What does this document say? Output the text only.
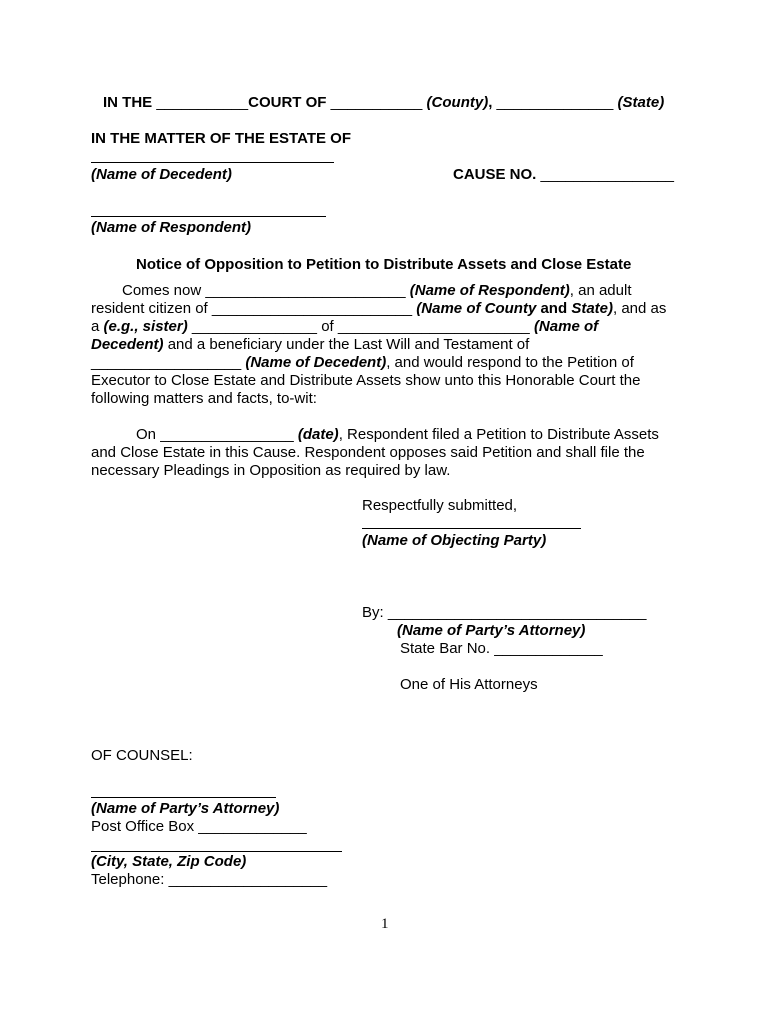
IN THE ___________COURT OF ___________ (County), ______________ (State)
IN THE MATTER OF THE ESTATE OF
(Name of Decedent)	CAUSE NO. ________________
(Name of Respondent)
Notice of Opposition to Petition to Distribute Assets and Close Estate
Comes now ________________________ (Name of Respondent), an adult
resident citizen of ________________________ (Name of County and State), and as
a (e.g., sister) _______________ of _______________________ (Name of
Decedent) and a beneficiary under the Last Will and Testament of
__________________ (Name of Decedent), and would respond to the Petition of
Executor to Close Estate and Distribute Assets show unto this Honorable Court the
following matters and facts, to-wit:
On ________________ (date), Respondent filed a Petition to Distribute Assets
and Close Estate in this Cause. Respondent opposes said Petition and shall file the
necessary Pleadings in Opposition as required by law.
Respectfully submitted,
(Name of Objecting Party)
By: _______________________________
(Name of Party’s Attorney)
State Bar No. _____________
One of His Attorneys
OF COUNSEL:
(Name of Party’s Attorney)
Post Office Box _____________
(City, State, Zip Code)
Telephone: ___________________
1
